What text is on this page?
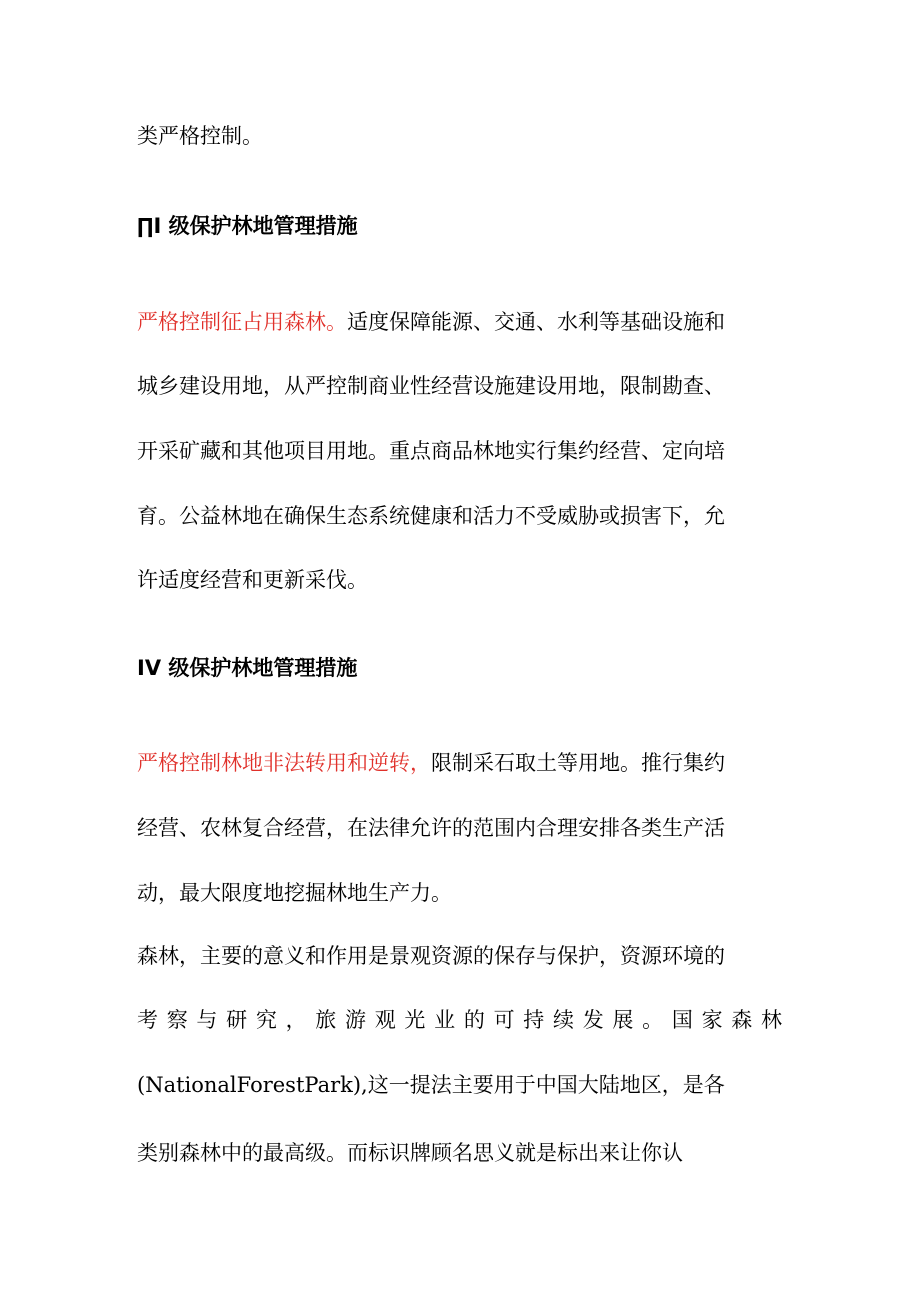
类严格控制。
∏I 级保护林地管理措施
严格控制征占用森林。适度保障能源、交通、水利等基础设施和
城乡建设用地，从严控制商业性经营设施建设用地，限制勘查、
开采矿藏和其他项目用地。重点商品林地实行集约经营、定向培
育。公益林地在确保生态系统健康和活力不受威胁或损害下，允
许适度经营和更新采伐。
IV 级保护林地管理措施
严格控制林地非法转用和逆转，限制采石取土等用地。推行集约
经营、农林复合经营，在法律允许的范围内合理安排各类生产活
动，最大限度地挖掘林地生产力。
森林，主要的意义和作用是景观资源的保存与保护，资源环境的
考察与研究，旅游观光业的可持续发展。国家森林
(NationalForestPark),这一提法主要用于中国大陆地区，是各
类别森林中的最高级。而标识牌顾名思义就是标出来让你认
